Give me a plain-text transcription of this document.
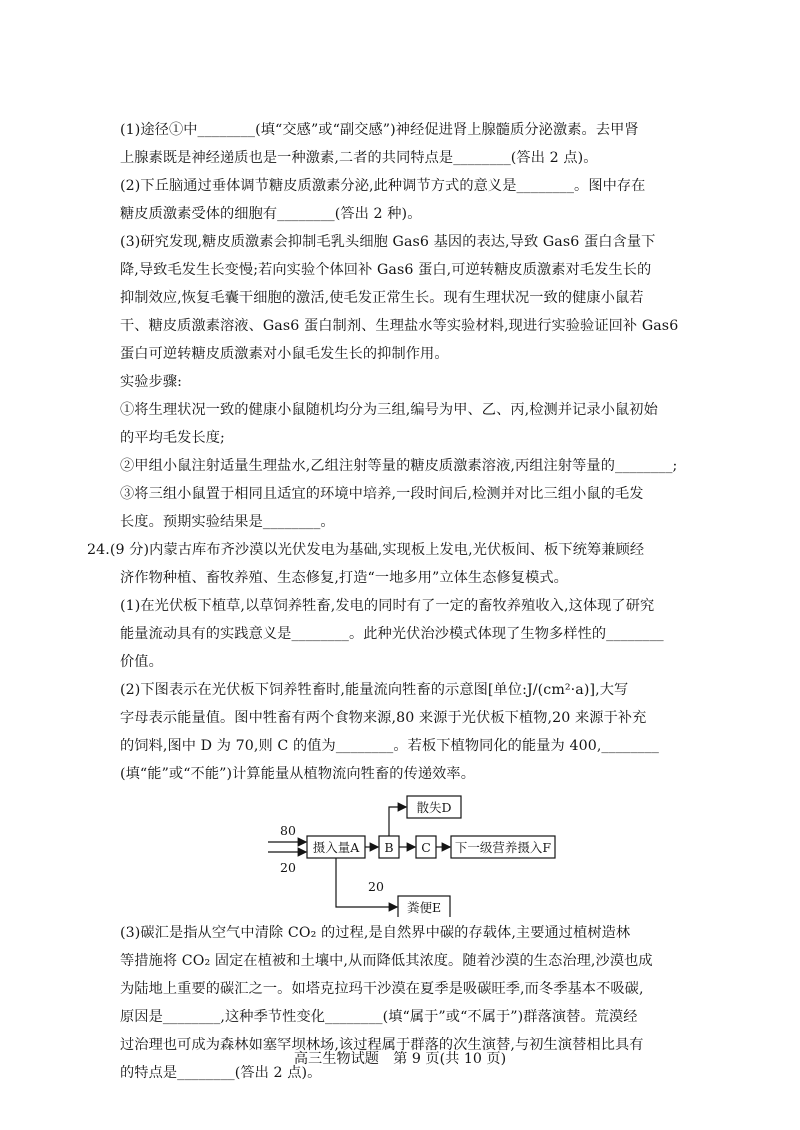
(1)途径①中________(填“交感”或“副交感”)神经促进肾上腺髓质分泌激素。去甲肾
上腺素既是神经递质也是一种激素,二者的共同特点是________(答出 2 点)。
(2)下丘脑通过垂体调节糖皮质激素分泌,此种调节方式的意义是________。图中存在
糖皮质激素受体的细胞有________(答出 2 种)。
(3)研究发现,糖皮质激素会抑制毛乳头细胞 Gas6 基因的表达,导致 Gas6 蛋白含量下
降,导致毛发生长变慢;若向实验个体回补 Gas6 蛋白,可逆转糖皮质激素对毛发生长的
抑制效应,恢复毛囊干细胞的激活,使毛发正常生长。现有生理状况一致的健康小鼠若
干、糖皮质激素溶液、Gas6 蛋白制剂、生理盐水等实验材料,现进行实验验证回补 Gas6
蛋白可逆转糖皮质激素对小鼠毛发生长的抑制作用。
实验步骤:
①将生理状况一致的健康小鼠随机均分为三组,编号为甲、乙、丙,检测并记录小鼠初始
的平均毛发长度;
②甲组小鼠注射适量生理盐水,乙组注射等量的糖皮质激素溶液,丙组注射等量的________;
③将三组小鼠置于相同且适宜的环境中培养,一段时间后,检测并对比三组小鼠的毛发
长度。预期实验结果是________。
24.(9 分)内蒙古库布齐沙漠以光伏发电为基础,实现板上发电,光伏板间、板下统筹兼顾经
济作物种植、畜牧养殖、生态修复,打造“一地多用”立体生态修复模式。
(1)在光伏板下植草,以草饲养牲畜,发电的同时有了一定的畜牧养殖收入,这体现了研究
能量流动具有的实践意义是________。此种光伏治沙模式体现了生物多样性的________
价值。
(2)下图表示在光伏板下饲养牲畜时,能量流向牲畜的示意图[单位:J/(cm²·a)],大写
字母表示能量值。图中牲畜有两个食物来源,80 来源于光伏板下植物,20 来源于补充
的饲料,图中 D 为 70,则 C 的值为________。若板下植物同化的能量为 400,________
(填“能”或“不能”)计算能量从植物流向牲畜的传递效率。
80
20
摄入量A B C 下一级营养摄入F
散失D
粪便E
20
(3)碳汇是指从空气中清除 CO₂ 的过程,是自然界中碳的存载体,主要通过植树造林
等措施将 CO₂ 固定在植被和土壤中,从而降低其浓度。随着沙漠的生态治理,沙漠也成
为陆地上重要的碳汇之一。如塔克拉玛干沙漠在夏季是吸碳旺季,而冬季基本不吸碳,
原因是________,这种季节性变化________(填“属于”或“不属于”)群落演替。荒漠经
过治理也可成为森林如塞罕坝林场,该过程属于群落的次生演替,与初生演替相比具有
的特点是________(答出 2 点)。
高三生物试题　第 9 页(共 10 页)
